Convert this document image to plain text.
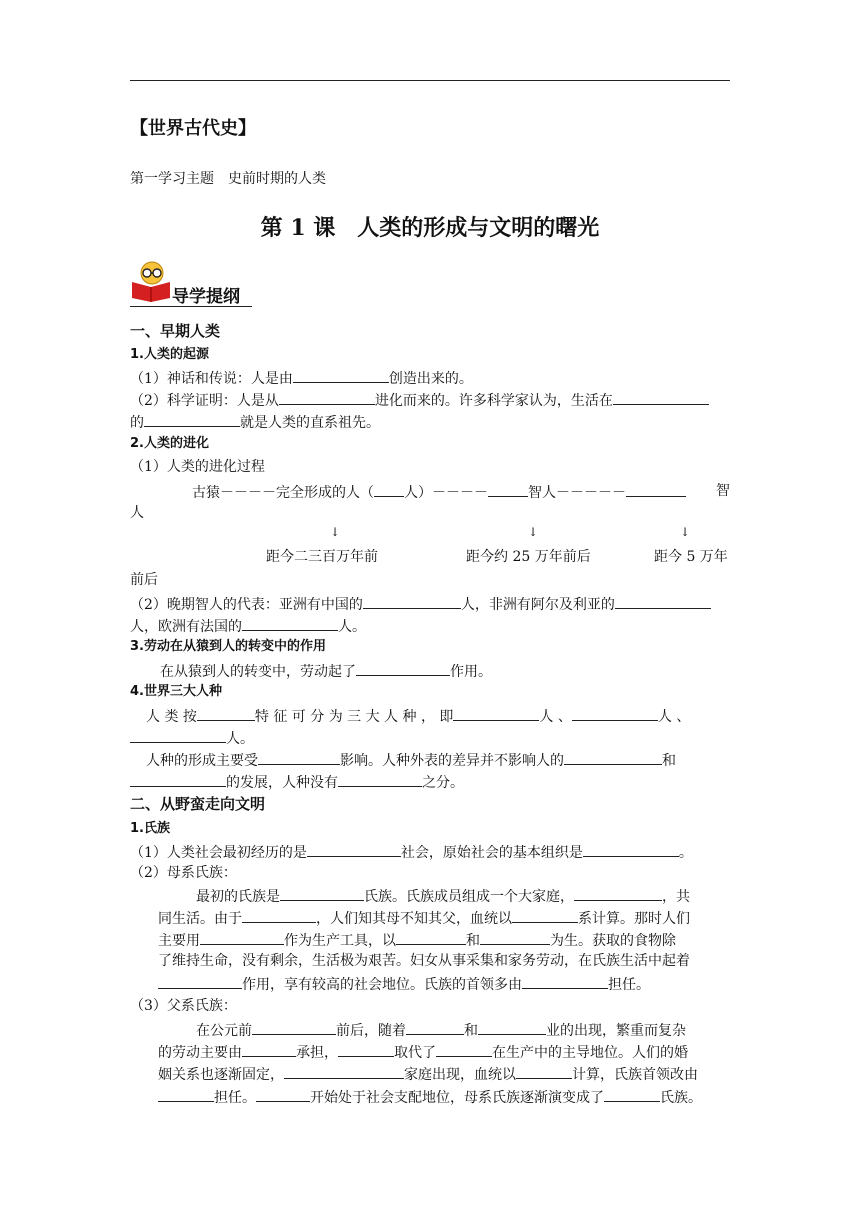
【世界古代史】
第一学习主题　史前时期的人类
第 1 课　人类的形成与文明的曙光
导学提纲
一、早期人类
1.人类的起源
（1）神话和传说：人是由	创造出来的。
（2）科学证明：人是从	进化而来的。许多科学家认为，生活在
的	就是人类的直系祖先。
2.人类的进化
（1）人类的进化过程
古猿－－－－完全形成的人（ 人）－－－－	智人－－－－－	智
人
↓	↓	↓
距今二三百万年前	距今约 25 万年前后	距今 5 万年
前后
（2）晚期智人的代表：亚洲有中国的	人，非洲有阿尔及利亚的
人，欧洲有法国的	人。
3.劳动在从猿到人的转变中的作用
在从猿到人的转变中，劳动起了	作用。
4.世界三大人种
人 类 按	特 征 可 分 为 三 大 人 种 ， 即	人 、	人 、
人。
人种的形成主要受	影响。人种外表的差异并不影响人的	和
的发展，人种没有	之分。
二、从野蛮走向文明
1.氏族
（1）人类社会最初经历的是	社会，原始社会的基本组织是	。
（2）母系氏族：
最初的氏族是	氏族。氏族成员组成一个大家庭，	，共
同生活。由于	，人们知其母不知其父，血统以	系计算。那时人们
主要用	作为生产工具，以	和	为生。获取的食物除
了维持生命，没有剩余，生活极为艰苦。妇女从事采集和家务劳动，在氏族生活中起着
作用，享有较高的社会地位。氏族的首领多由	担任。
（3）父系氏族：
在公元前	前后，随着	和	业的出现，繁重而复杂
的劳动主要由	承担，	取代了	在生产中的主导地位。人们的婚
姻关系也逐渐固定，	家庭出现，血统以	计算，氏族首领改由
担任。	开始处于社会支配地位，母系氏族逐渐演变成了	氏族。
